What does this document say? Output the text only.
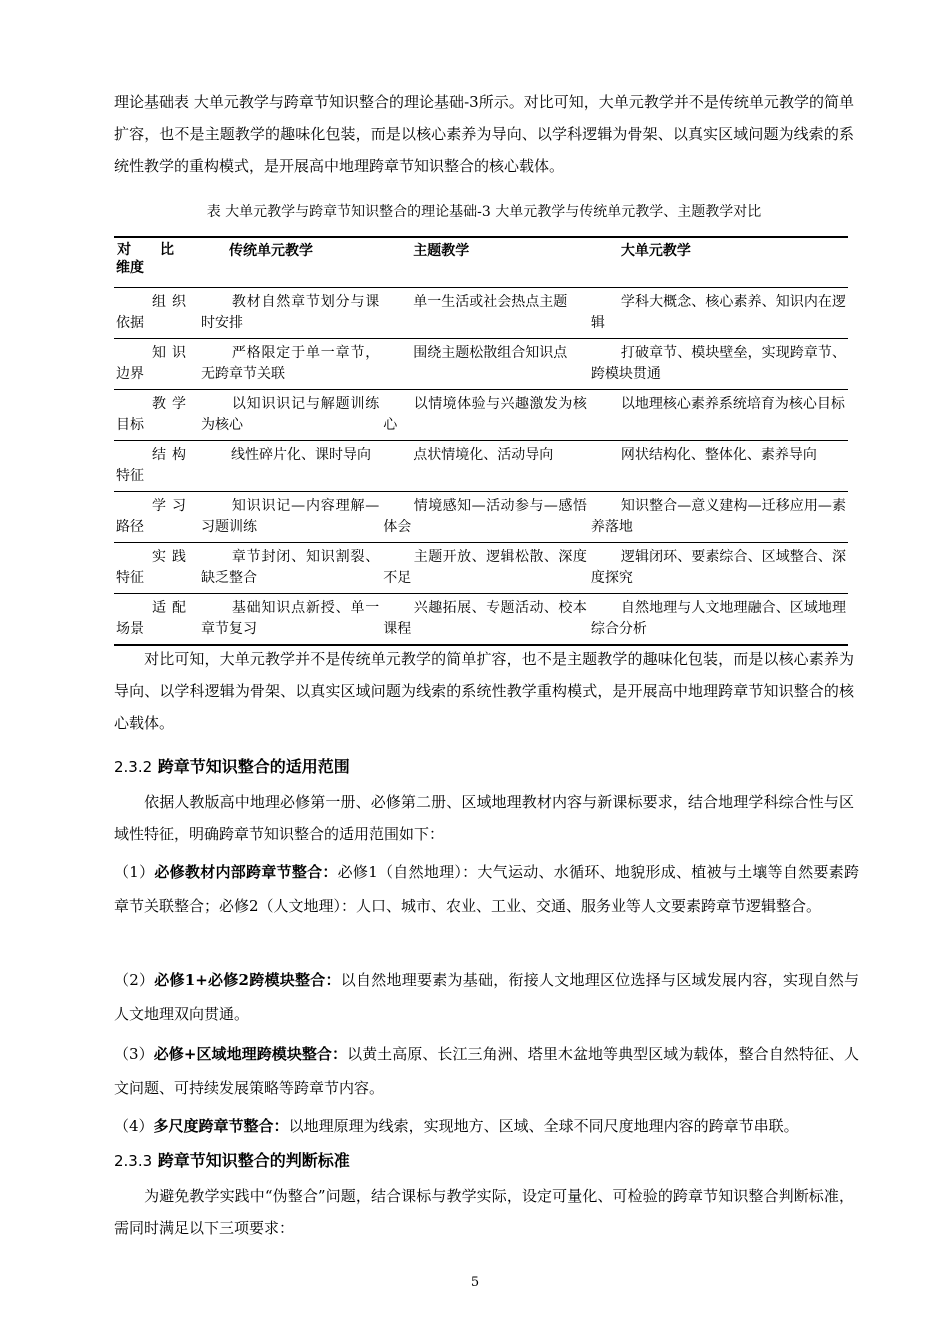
理论基础表 大单元教学与跨章节知识整合的理论基础-3所示。对比可知，大单元教学并不是传统单元教学的简单扩容，也不是主题教学的趣味化包装，而是以核心素养为导向、以学科逻辑为骨架、以真实区域问题为线索的系统性教学的重构模式，是开展高中地理跨章节知识整合的核心载体。
表 大单元教学与跨章节知识整合的理论基础-3 大单元教学与传统单元教学、主题教学对比
对 比
维度	传统单元教学	主题教学	大单元教学

组织依据	教材自然章节划分与课时安排	单一生活或社会热点主题	学科大概念、核心素养、知识内在逻辑

知识边界	严格限定于单一章节，无跨章节关联	围绕主题松散组合知识点	打破章节、模块壁垒，实现跨章节、跨模块贯通

教学目标	以知识识记与解题训练为核心	以情境体验与兴趣激发为核心	以地理核心素养系统培育为核心目标

结构特征	线性碎片化、课时导向	点状情境化、活动导向	网状结构化、整体化、素养导向

学习路径	知识识记—内容理解—习题训练	情境感知—活动参与—感悟体会	知识整合—意义建构—迁移应用—素养落地

实践特征	章节封闭、知识割裂、缺乏整合	主题开放、逻辑松散、深度不足	逻辑闭环、要素综合、区域整合、深度探究

适配场景	基础知识点新授、单一章节复习	兴趣拓展、专题活动、校本课程	自然地理与人文地理融合、区域地理综合分析
对比可知，大单元教学并不是传统单元教学的简单扩容，也不是主题教学的趣味化包装，而是以核心素养为导向、以学科逻辑为骨架、以真实区域问题为线索的系统性教学重构模式，是开展高中地理跨章节知识整合的核心载体。
2.3.2 跨章节知识整合的适用范围
依据人教版高中地理必修第一册、必修第二册、区域地理教材内容与新课标要求，结合地理学科综合性与区域性特征，明确跨章节知识整合的适用范围如下：
（1）必修教材内部跨章节整合：必修1（自然地理）：大气运动、水循环、地貌形成、植被与土壤等自然要素跨章节关联整合；必修2（人文地理）：人口、城市、农业、工业、交通、服务业等人文要素跨章节逻辑整合。
（2）必修1+必修2跨模块整合：以自然地理要素为基础，衔接人文地理区位选择与区域发展内容，实现自然与人文地理双向贯通。
（3）必修+区域地理跨模块整合：以黄土高原、长江三角洲、塔里木盆地等典型区域为载体，整合自然特征、人文问题、可持续发展策略等跨章节内容。
（4）多尺度跨章节整合：以地理原理为线索，实现地方、区域、全球不同尺度地理内容的跨章节串联。
2.3.3 跨章节知识整合的判断标准
为避免教学实践中“伪整合”问题，结合课标与教学实际，设定可量化、可检验的跨章节知识整合判断标准，需同时满足以下三项要求：
5
